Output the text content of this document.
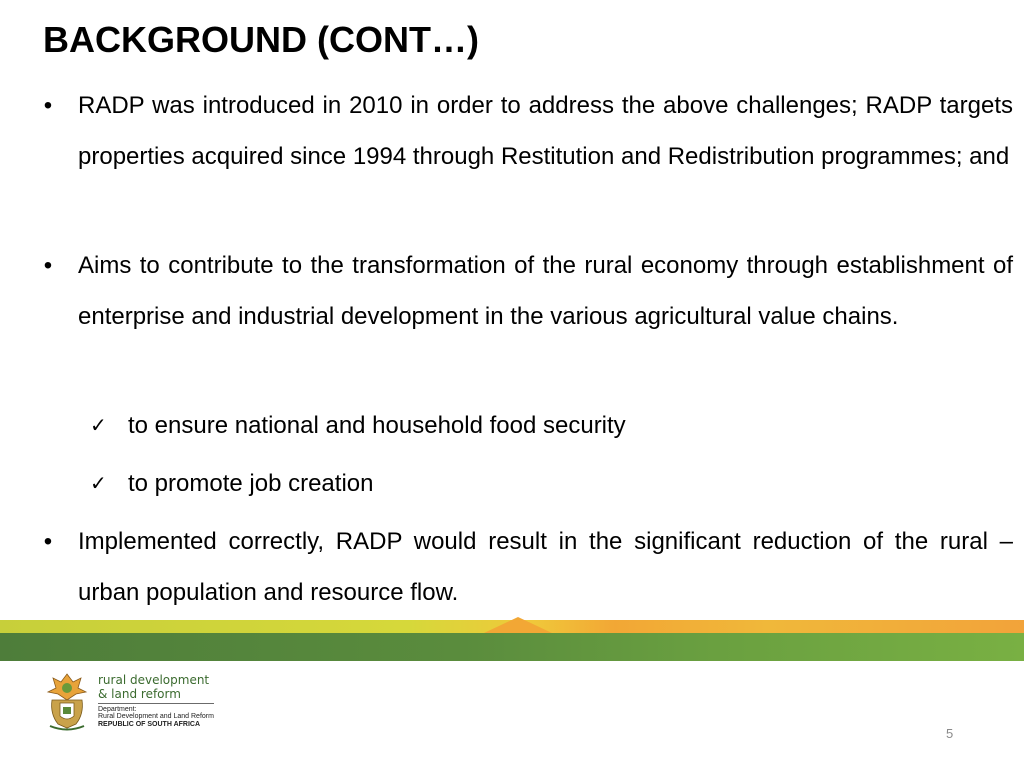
BACKGROUND (CONT…)
• RADP was introduced in 2010 in order to address the above challenges; RADP targets properties acquired since 1994 through Restitution and Redistribution programmes; and
• Aims to contribute to the transformation of the rural economy through establishment of enterprise and industrial development in the various agricultural value chains.
✓ to ensure national and household food security
✓ to promote job creation
• Implemented correctly, RADP would result in the significant reduction of the rural – urban population and resource flow.
rural development
& land reform
Department:
Rural Development and Land Reform
REPUBLIC OF SOUTH AFRICA
5
